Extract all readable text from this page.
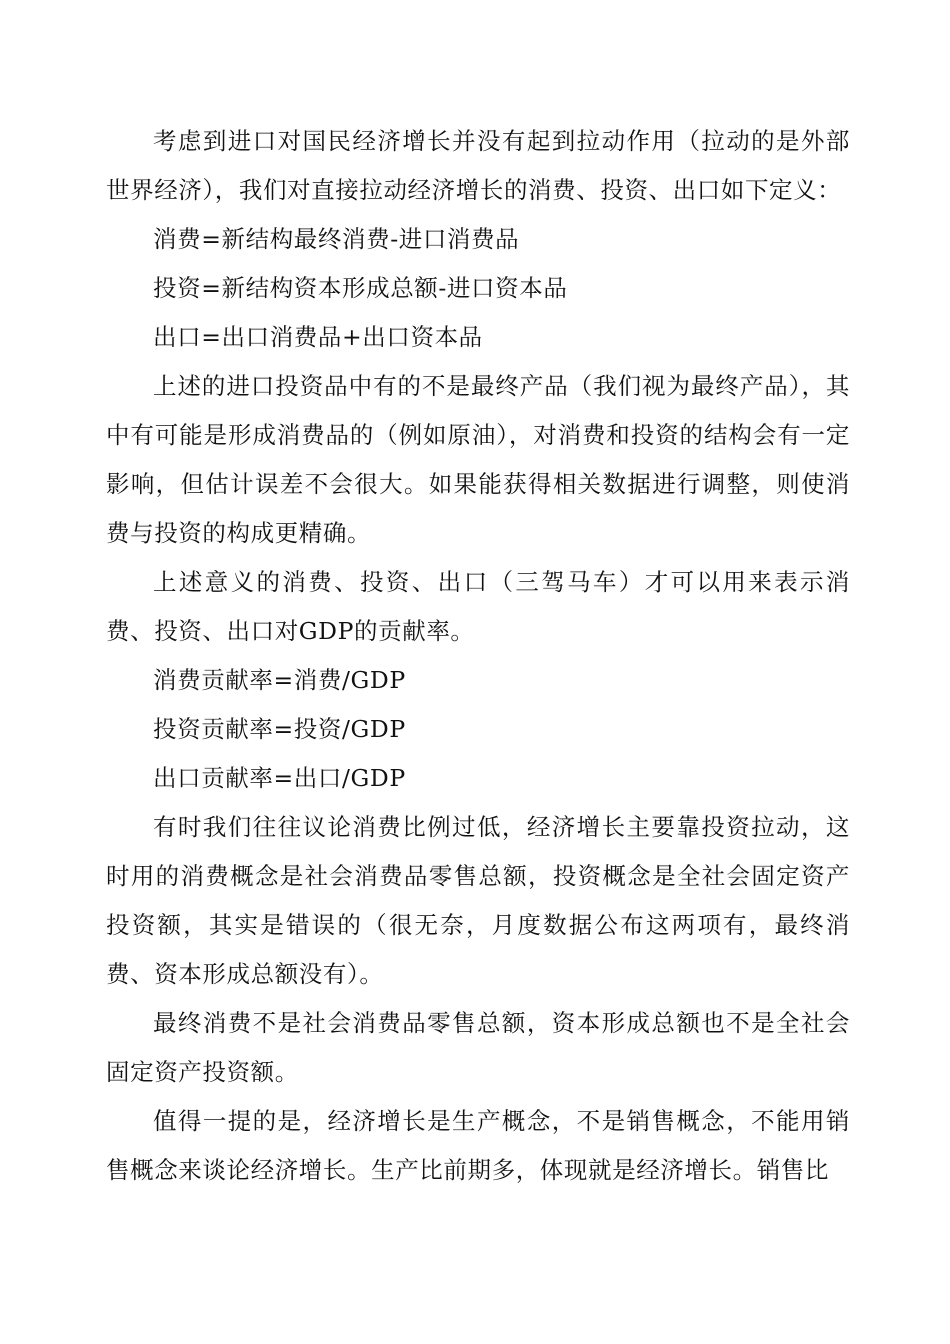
考虑到进口对国民经济增长并没有起到拉动作用（拉动的是外部世界经济），我们对直接拉动经济增长的消费、投资、出口如下定义：

消费=新结构最终消费-进口消费品

投资=新结构资本形成总额-进口资本品

出口=出口消费品+出口资本品

上述的进口投资品中有的不是最终产品（我们视为最终产品），其中有可能是形成消费品的（例如原油），对消费和投资的结构会有一定影响，但估计误差不会很大。如果能获得相关数据进行调整，则使消费与投资的构成更精确。

上述意义的消费、投资、出口（三驾马车）才可以用来表示消费、投资、出口对GDP的贡献率。

消费贡献率=消费/GDP

投资贡献率=投资/GDP

出口贡献率=出口/GDP

有时我们往往议论消费比例过低，经济增长主要靠投资拉动，这时用的消费概念是社会消费品零售总额，投资概念是全社会固定资产投资额，其实是错误的（很无奈，月度数据公布这两项有，最终消费、资本形成总额没有）。

最终消费不是社会消费品零售总额，资本形成总额也不是全社会固定资产投资额。

值得一提的是，经济增长是生产概念，不是销售概念，不能用销售概念来谈论经济增长。生产比前期多，体现就是经济增长。销售比
